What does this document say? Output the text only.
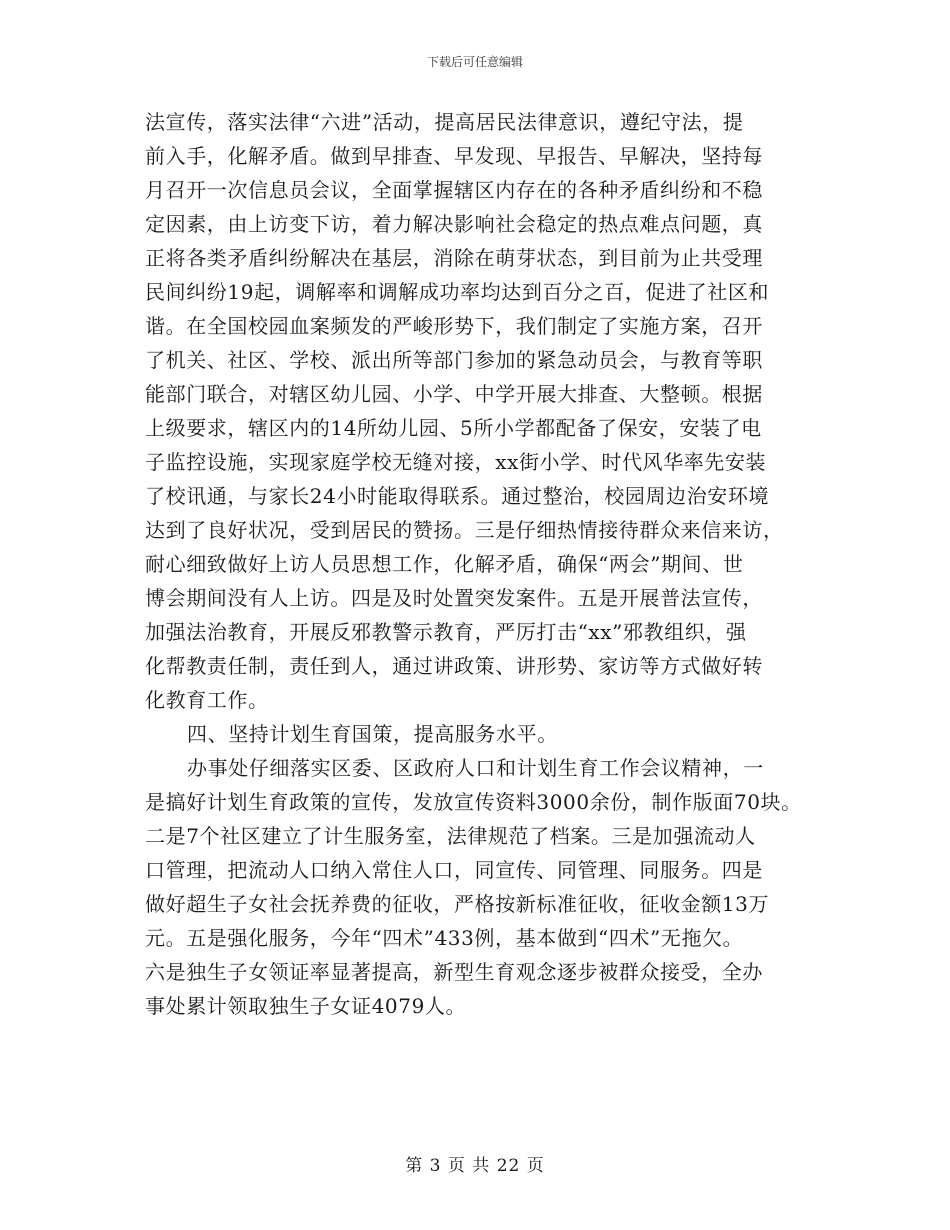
下载后可任意编辑
法宣传，落实法律“六进”活动，提高居民法律意识，遵纪守法，提
前入手，化解矛盾。做到早排查、早发现、早报告、早解决，坚持每
月召开一次信息员会议，全面掌握辖区内存在的各种矛盾纠纷和不稳
定因素，由上访变下访，着力解决影响社会稳定的热点难点问题，真
正将各类矛盾纠纷解决在基层，消除在萌芽状态，到目前为止共受理
民间纠纷19起，调解率和调解成功率均达到百分之百，促进了社区和
谐。在全国校园血案频发的严峻形势下，我们制定了实施方案，召开
了机关、社区、学校、派出所等部门参加的紧急动员会，与教育等职
能部门联合，对辖区幼儿园、小学、中学开展大排查、大整顿。根据
上级要求，辖区内的14所幼儿园、5所小学都配备了保安，安装了电
子监控设施，实现家庭学校无缝对接，xx街小学、时代风华率先安装
了校讯通，与家长24小时能取得联系。通过整治，校园周边治安环境
达到了良好状况，受到居民的赞扬。三是仔细热情接待群众来信来访，
耐心细致做好上访人员思想工作，化解矛盾，确保“两会”期间、世
博会期间没有人上访。四是及时处置突发案件。五是开展普法宣传，
加强法治教育，开展反邪教警示教育，严厉打击“xx”邪教组织，强
化帮教责任制，责任到人，通过讲政策、讲形势、家访等方式做好转
化教育工作。
四、坚持计划生育国策，提高服务水平。
办事处仔细落实区委、区政府人口和计划生育工作会议精神，一
是搞好计划生育政策的宣传，发放宣传资料3000余份，制作版面70块。
二是7个社区建立了计生服务室，法律规范了档案。三是加强流动人
口管理，把流动人口纳入常住人口，同宣传、同管理、同服务。四是
做好超生子女社会抚养费的征收，严格按新标准征收，征收金额13万
元。五是强化服务，今年“四术”433例，基本做到“四术”无拖欠。
六是独生子女领证率显著提高，新型生育观念逐步被群众接受，全办
事处累计领取独生子女证4079人。
第 3 页 共 22 页
